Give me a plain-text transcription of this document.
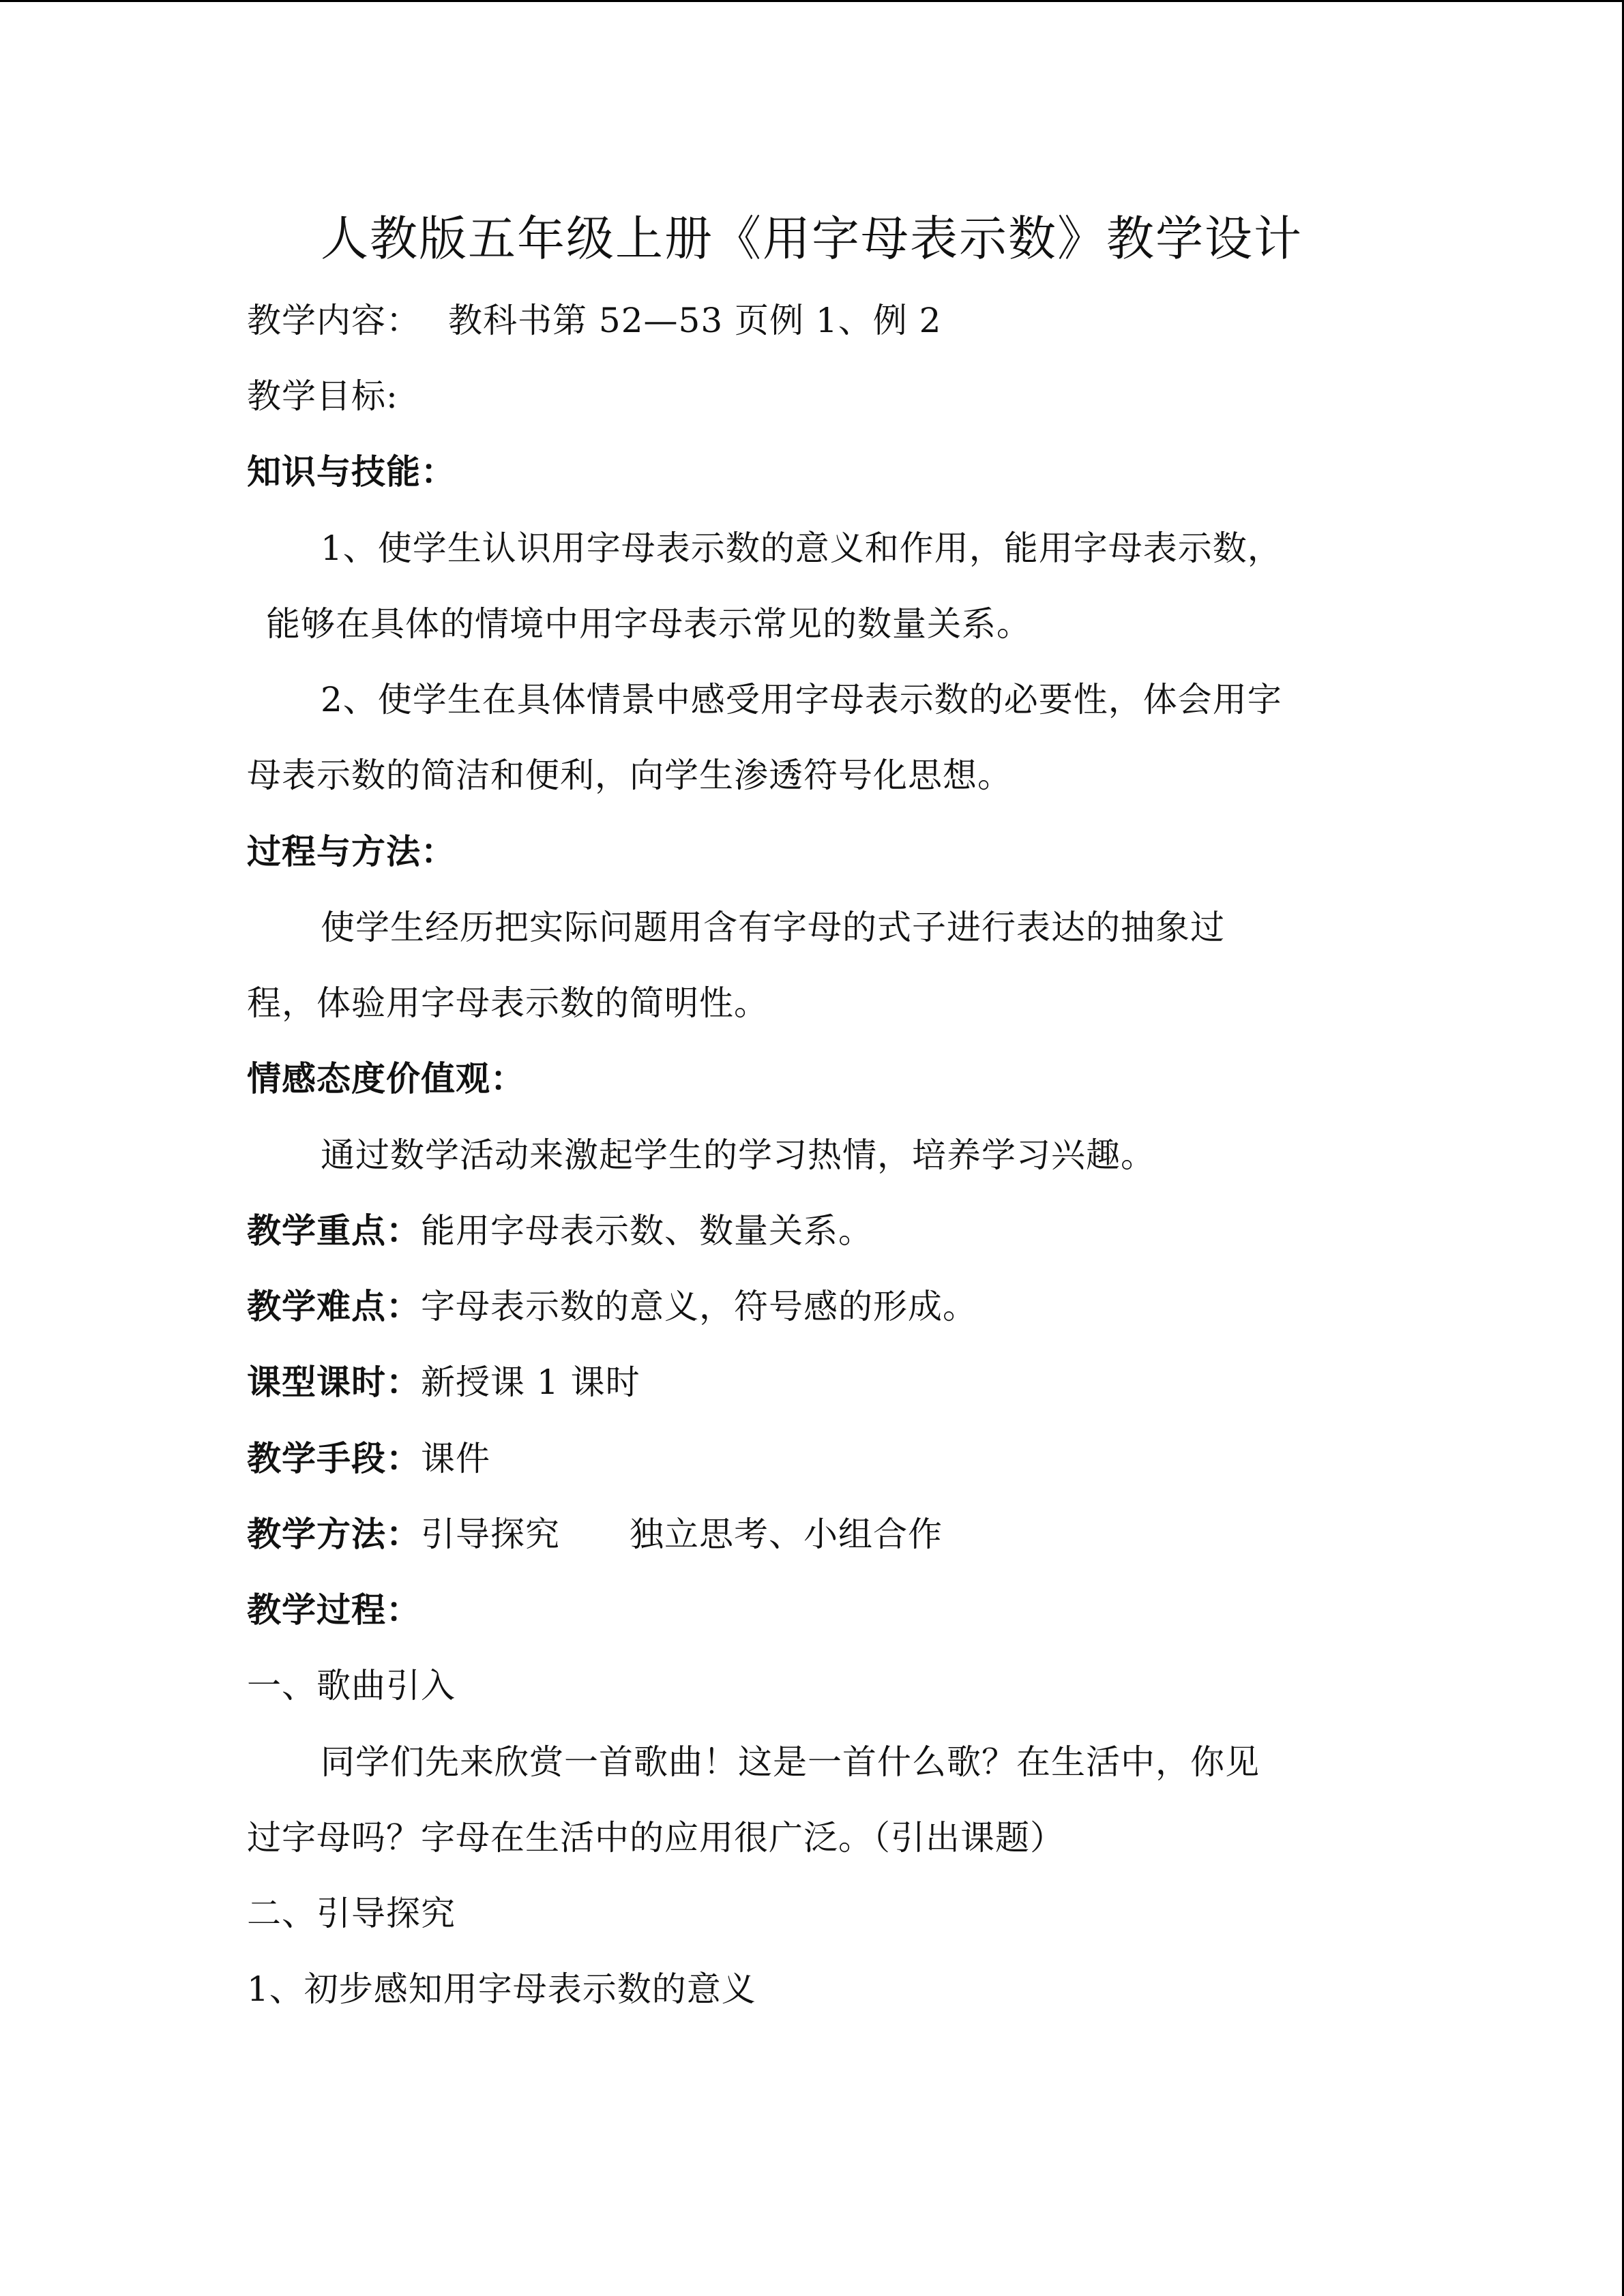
人教版五年级上册《用字母表示数》教学设计
教学内容： 教科书第 52—53 页例 1、例 2
教学目标:
知识与技能：
1、使学生认识用字母表示数的意义和作用，能用字母表示数，
能够在具体的情境中用字母表示常见的数量关系。
2、使学生在具体情景中感受用字母表示数的必要性，体会用字
母表示数的简洁和便利，向学生渗透符号化思想。
过程与方法：
使学生经历把实际问题用含有字母的式子进行表达的抽象过
程，体验用字母表示数的简明性。
情感态度价值观：
通过数学活动来激起学生的学习热情，培养学习兴趣。
教学重点：能用字母表示数、数量关系。
教学难点：字母表示数的意义，符号感的形成。
课型课时：新授课 1 课时
教学手段：课件
教学方法：引导探究　　独立思考、小组合作
教学过程：
一、歌曲引入
同学们先来欣赏一首歌曲！这是一首什么歌？在生活中，你见
过字母吗？字母在生活中的应用很广泛。（引出课题）
二、引导探究
1、初步感知用字母表示数的意义
